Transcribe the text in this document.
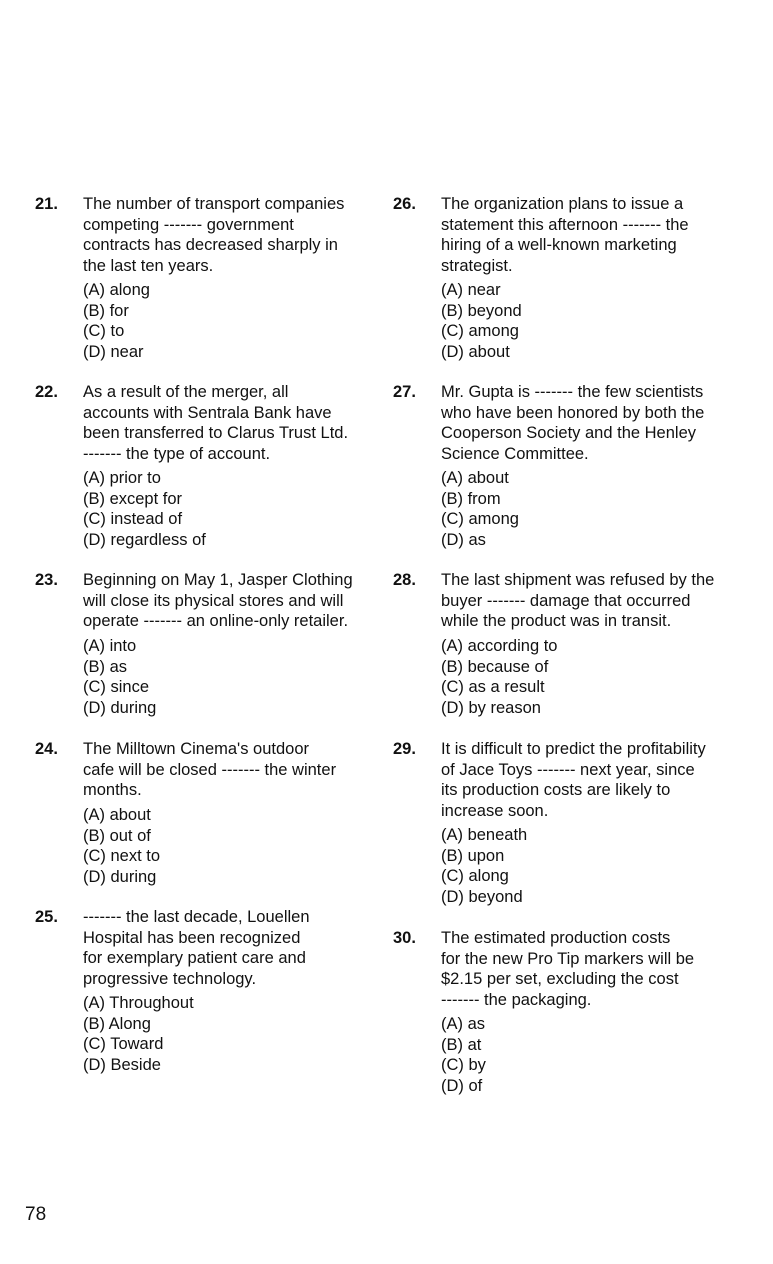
21. The number of transport companies
competing ------- government
contracts has decreased sharply in
the last ten years.
(A) along
(B) for
(C) to
(D) near
22. As a result of the merger, all
accounts with Sentrala Bank have
been transferred to Clarus Trust Ltd.
------- the type of account.
(A) prior to
(B) except for
(C) instead of
(D) regardless of
23. Beginning on May 1, Jasper Clothing
will close its physical stores and will
operate ------- an online-only retailer.
(A) into
(B) as
(C) since
(D) during
24. The Milltown Cinema's outdoor
cafe will be closed ------- the winter
months.
(A) about
(B) out of
(C) next to
(D) during
25. ------- the last decade, Louellen
Hospital has been recognized
for exemplary patient care and
progressive technology.
(A) Throughout
(B) Along
(C) Toward
(D) Beside
26. The organization plans to issue a
statement this afternoon ------- the
hiring of a well-known marketing
strategist.
(A) near
(B) beyond
(C) among
(D) about
27. Mr. Gupta is ------- the few scientists
who have been honored by both the
Cooperson Society and the Henley
Science Committee.
(A) about
(B) from
(C) among
(D) as
28. The last shipment was refused by the
buyer ------- damage that occurred
while the product was in transit.
(A) according to
(B) because of
(C) as a result
(D) by reason
29. It is difficult to predict the profitability
of Jace Toys ------- next year, since
its production costs are likely to
increase soon.
(A) beneath
(B) upon
(C) along
(D) beyond
30. The estimated production costs
for the new Pro Tip markers will be
$2.15 per set, excluding the cost
------- the packaging.
(A) as
(B) at
(C) by
(D) of
78
